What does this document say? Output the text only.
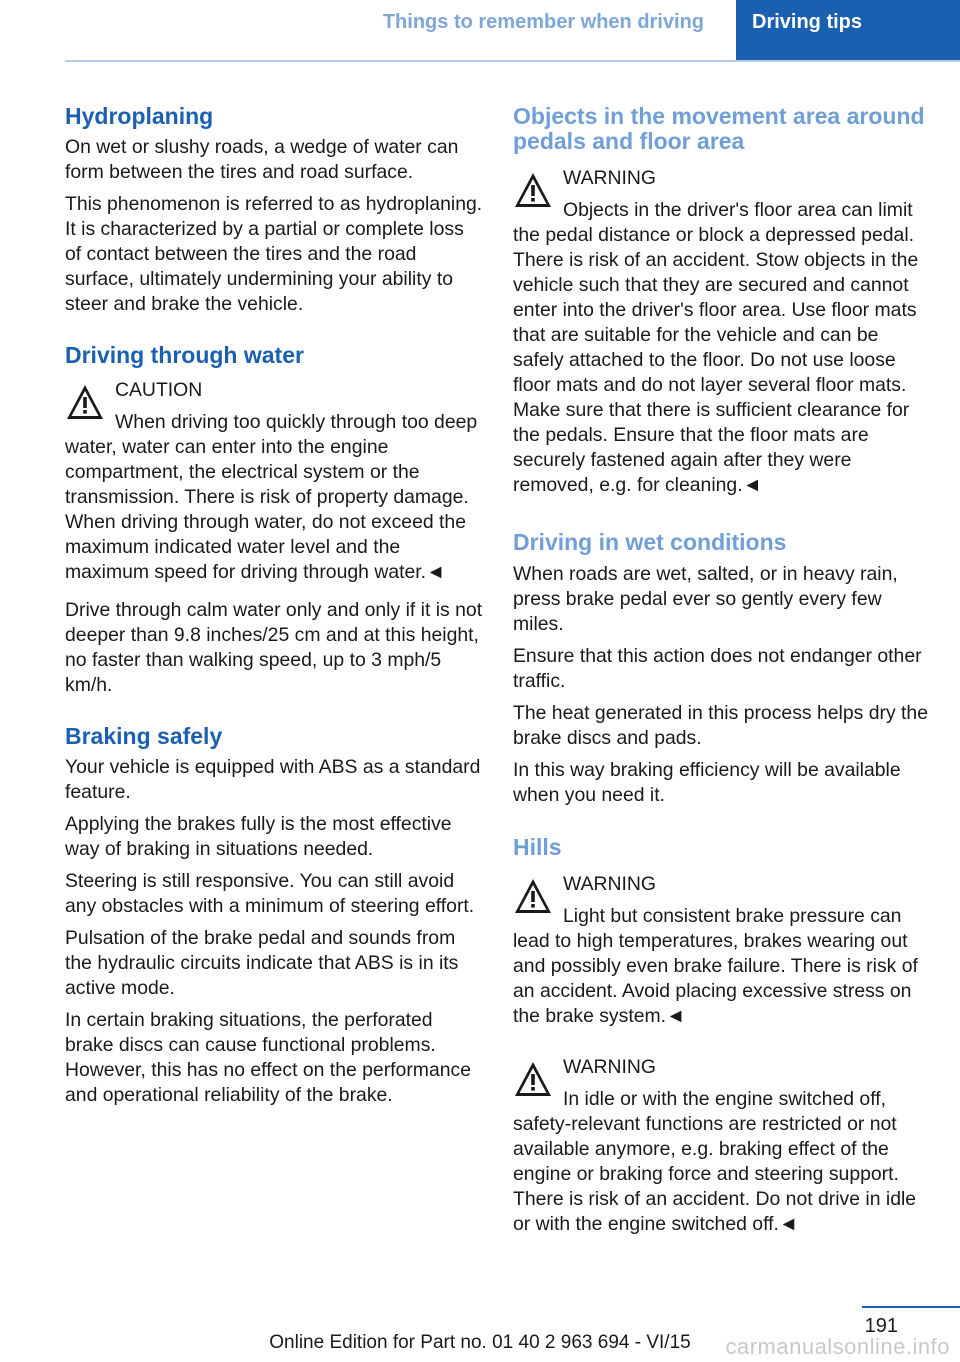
Things to remember when driving	Driving tips
Hydroplaning

On wet or slushy roads, a wedge of water can form between the tires and road surface.

This phenomenon is referred to as hydroplaning. It is characterized by a partial or complete loss of contact between the tires and the road surface, ultimately undermining your ability to steer and brake the vehicle.

Driving through water
CAUTION
When driving too quickly through too deep water, water can enter into the engine compartment, the electrical system or the transmission. There is risk of property damage. When driving through water, do not exceed the maximum indicated water level and the maximum speed for driving through water.◄

Drive through calm water only and only if it is not deeper than 9.8 inches/25 cm and at this height, no faster than walking speed, up to 3 mph/5 km/h.

Braking safely

Your vehicle is equipped with ABS as a standard feature.

Applying the brakes fully is the most effective way of braking in situations needed.

Steering is still responsive. You can still avoid any obstacles with a minimum of steering effort.

Pulsation of the brake pedal and sounds from the hydraulic circuits indicate that ABS is in its active mode.

In certain braking situations, the perforated brake discs can cause functional problems. However, this has no effect on the performance and operational reliability of the brake.

Objects in the movement area around pedals and floor area
WARNING
Objects in the driver's floor area can limit the pedal distance or block a depressed pedal. There is risk of an accident. Stow objects in the vehicle such that they are secured and cannot enter into the driver's floor area. Use floor mats that are suitable for the vehicle and can be safely attached to the floor. Do not use loose floor mats and do not layer several floor mats. Make sure that there is sufficient clearance for the pedals. Ensure that the floor mats are securely fastened again after they were removed, e.g. for cleaning.◄
Driving in wet conditions

When roads are wet, salted, or in heavy rain, press brake pedal ever so gently every few miles.

Ensure that this action does not endanger other traffic.

The heat generated in this process helps dry the brake discs and pads.

In this way braking efficiency will be available when you need it.

Hills
WARNING
Light but consistent brake pressure can lead to high temperatures, brakes wearing out and possibly even brake failure. There is risk of an accident. Avoid placing excessive stress on the brake system.◄
WARNING
In idle or with the engine switched off, safety-relevant functions are restricted or not available anymore, e.g. braking effect of the engine or braking force and steering support. There is risk of an accident. Do not drive in idle or with the engine switched off.◄
191
Online Edition for Part no. 01 40 2 963 694 - VI/15	carmanualsonline.info
